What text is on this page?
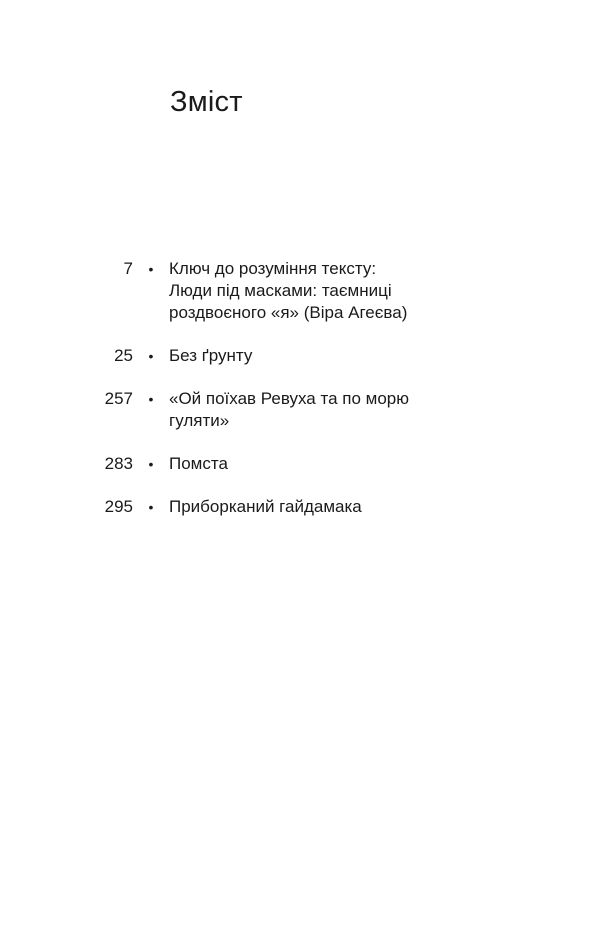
Зміст
7	• Ключ до розуміння тексту:
Люди під масками: таємниці
роздвоєного «я» (Віра Агеєва)
25	• Без ґрунту
257	• «Ой поїхав Ревуха та по морю
гуляти»
283	• Помста
295	• Приборканий гайдамака
